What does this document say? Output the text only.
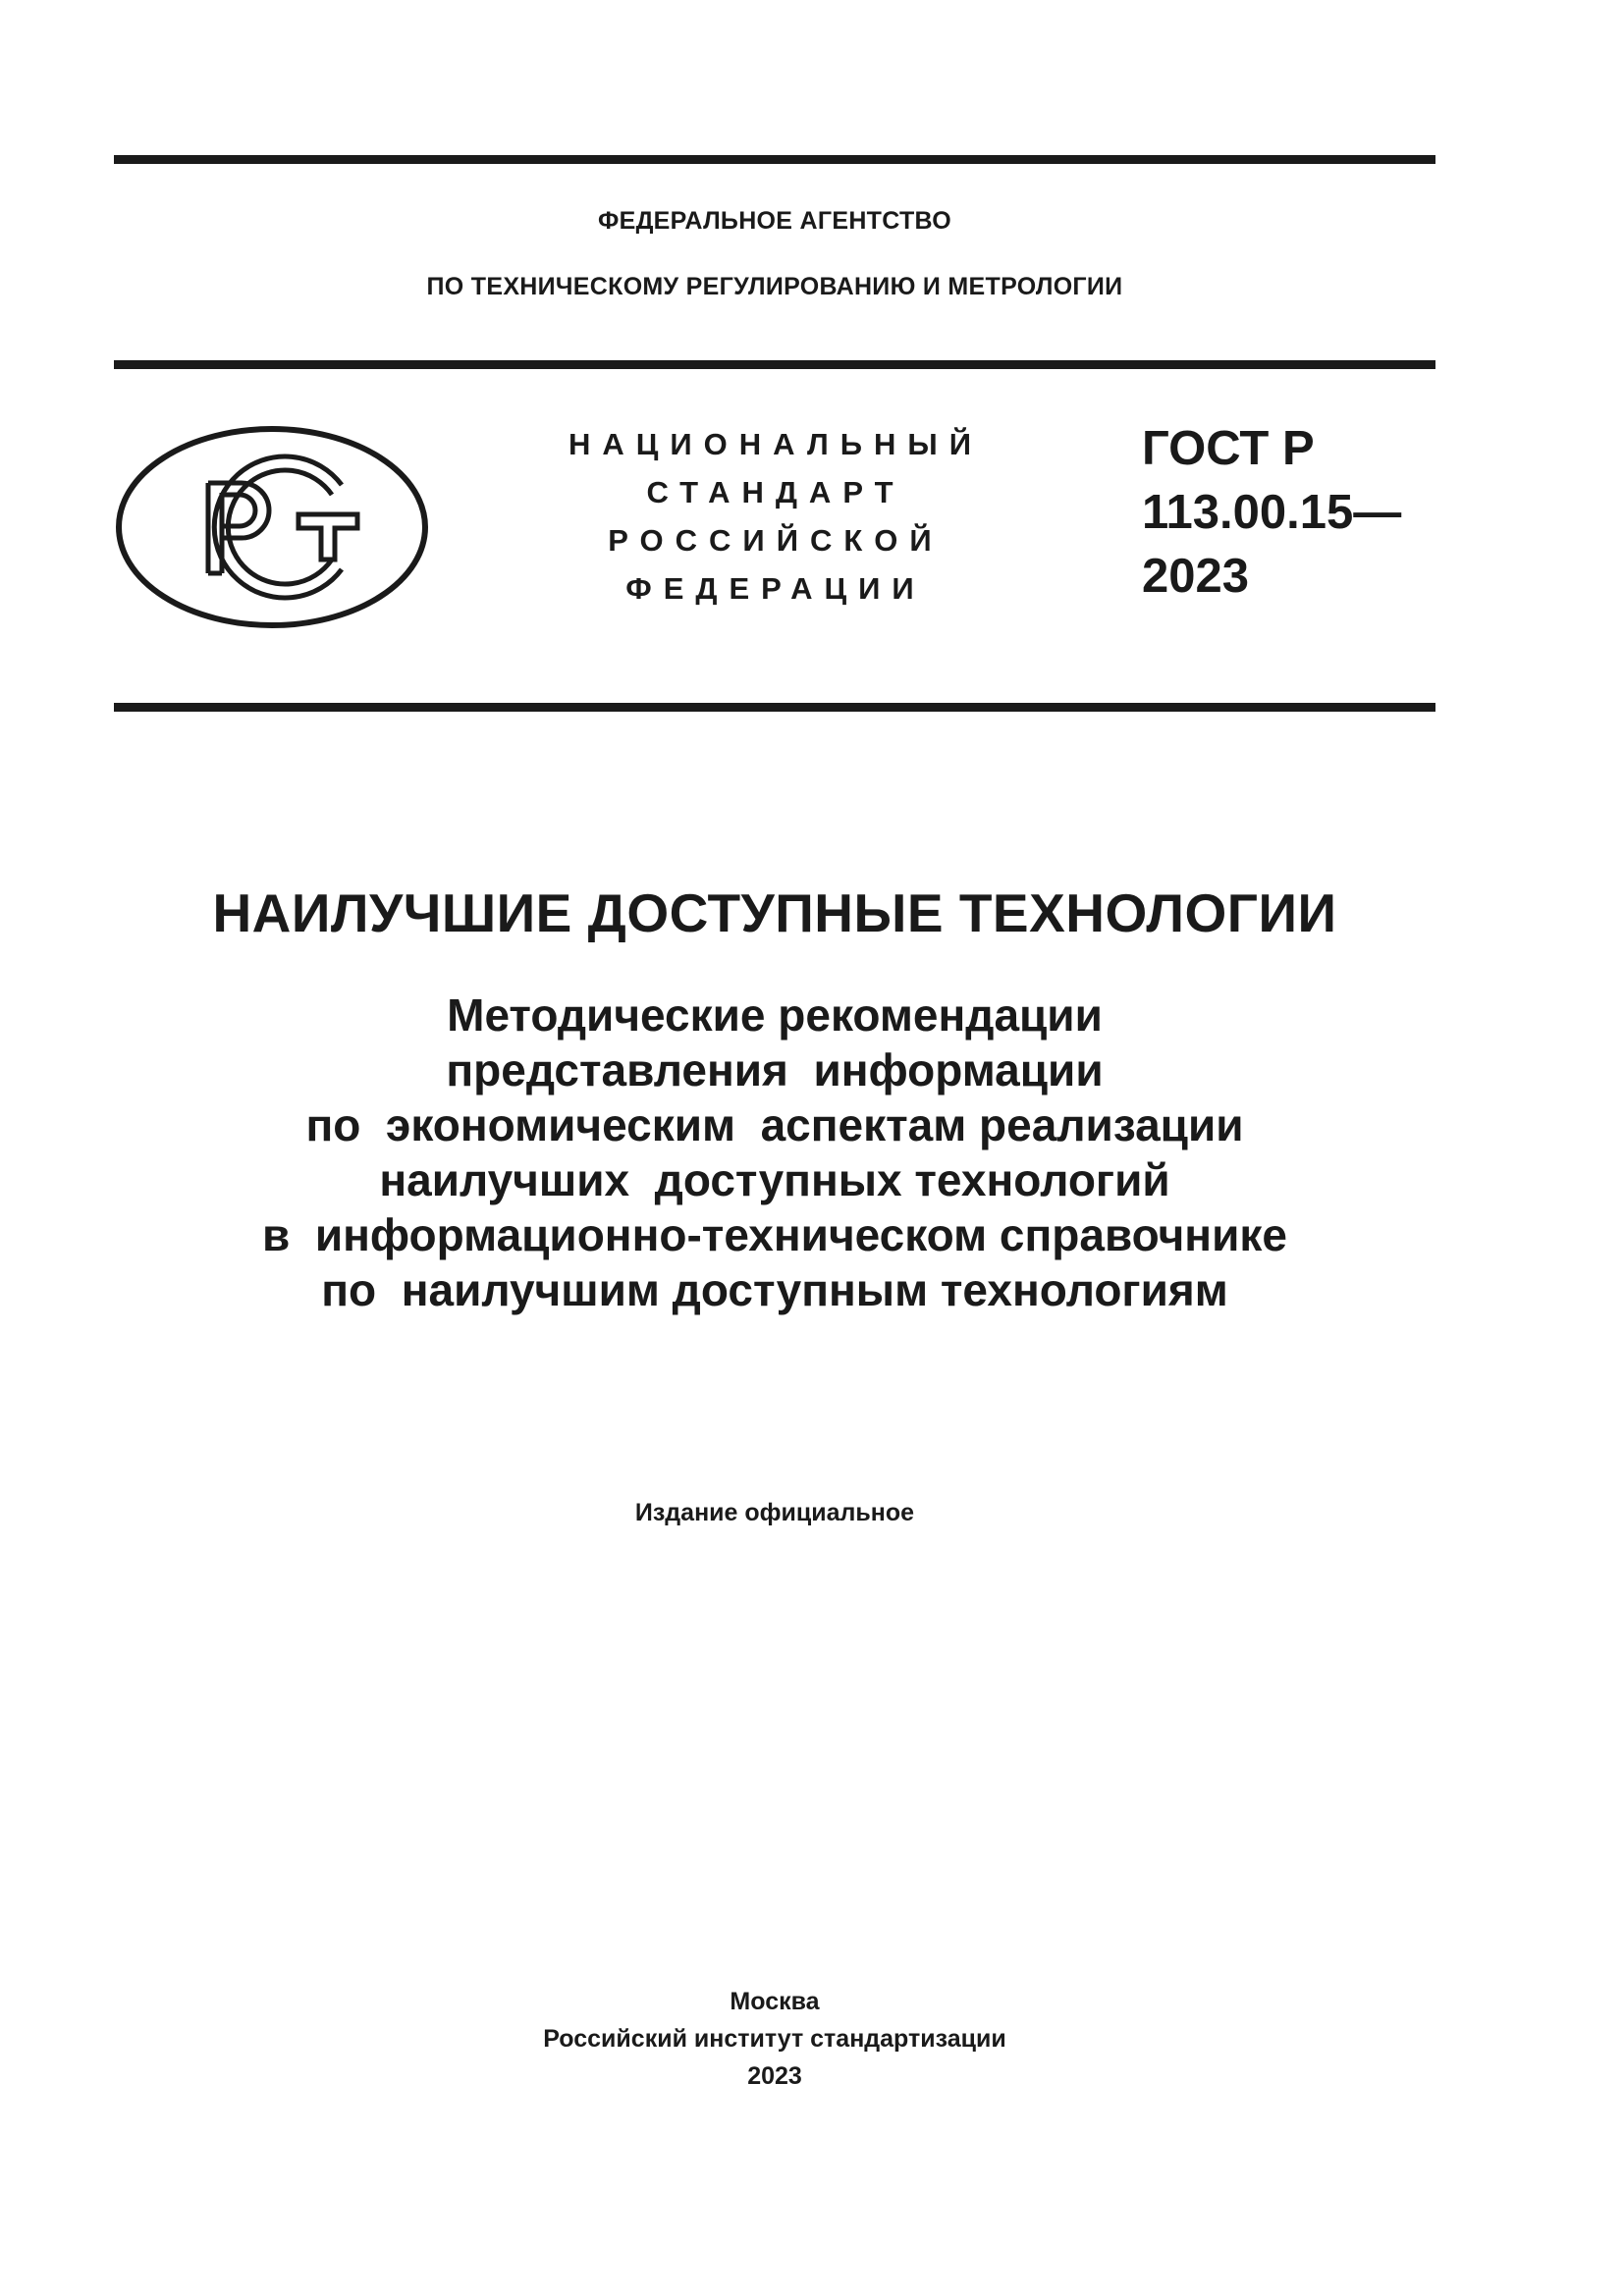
ФЕДЕРАЛЬНОЕ АГЕНТСТВО
ПО ТЕХНИЧЕСКОМУ РЕГУЛИРОВАНИЮ И МЕТРОЛОГИИ
НАЦИОНАЛЬНЫЙ
СТАНДАРТ
РОССИЙСКОЙ
ФЕДЕРАЦИИ
ГОСТ Р
113.00.15—
2023
НАИЛУЧШИЕ ДОСТУПНЫЕ ТЕХНОЛОГИИ
Методические рекомендации
представления  информации
по  экономическим  аспектам реализации
наилучших  доступных технологий
в  информационно-техническом справочнике
по  наилучшим доступным технологиям
Издание официальное
Москва
Российский институт стандартизации
2023
